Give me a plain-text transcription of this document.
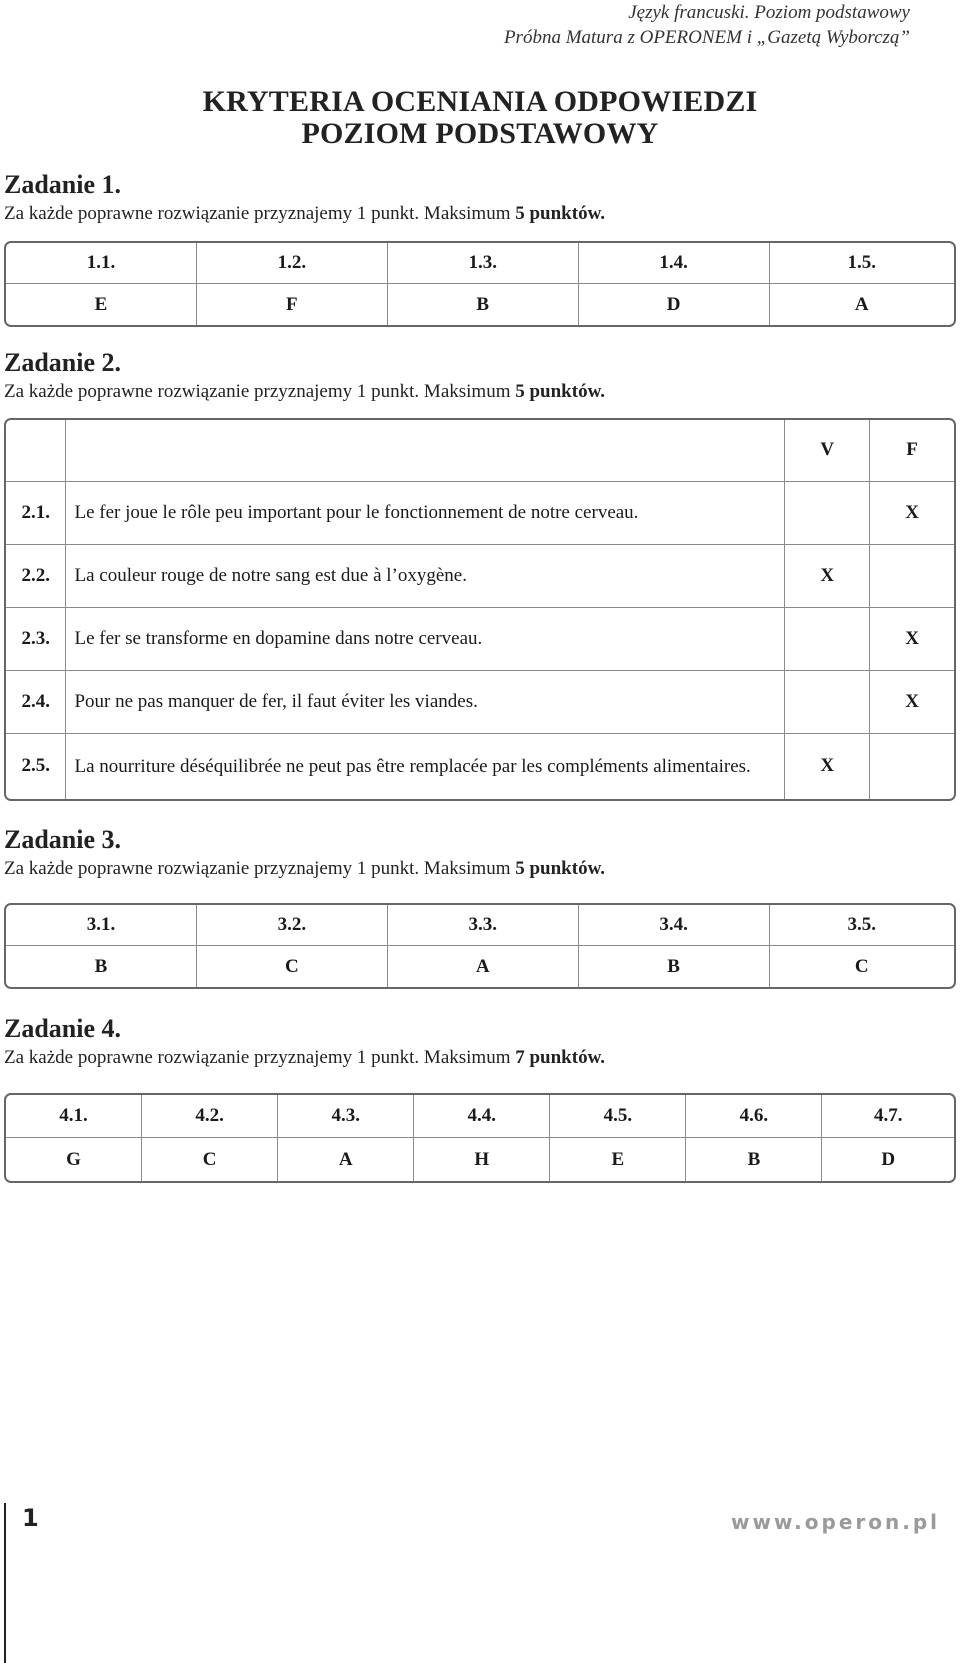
Język francuski. Poziom podstawowy
Próbna Matura z OPERONEM i „Gazetą Wyborczą”
KRYTERIA OCENIANIA ODPOWIEDZI
POZIOM PODSTAWOWY
Zadanie 1.
Za każde poprawne rozwiązanie przyznajemy 1 punkt. Maksimum 5 punktów.
1.1.	1.2.	1.3.	1.4.	1.5.
E	F	B	D	A
Zadanie 2.
Za każde poprawne rozwiązanie przyznajemy 1 punkt. Maksimum 5 punktów.
		V	F
2.1.	Le fer joue le rôle peu important pour le fonctionnement de notre cerveau.		X
2.2.	La couleur rouge de notre sang est due à l’oxygène.	X	
2.3.	Le fer se transforme en dopamine dans notre cerveau.		X
2.4.	Pour ne pas manquer de fer, il faut éviter les viandes.		X
2.5.	La nourriture déséquilibrée ne peut pas être remplacée par les compléments alimentaires.	X	
Zadanie 3.
Za każde poprawne rozwiązanie przyznajemy 1 punkt. Maksimum 5 punktów.
3.1.	3.2.	3.3.	3.4.	3.5.
B	C	A	B	C
Zadanie 4.
Za każde poprawne rozwiązanie przyznajemy 1 punkt. Maksimum 7 punktów.
4.1.	4.2.	4.3.	4.4.	4.5.	4.6.	4.7.
G	C	A	H	E	B	D
1	www.operon.pl
